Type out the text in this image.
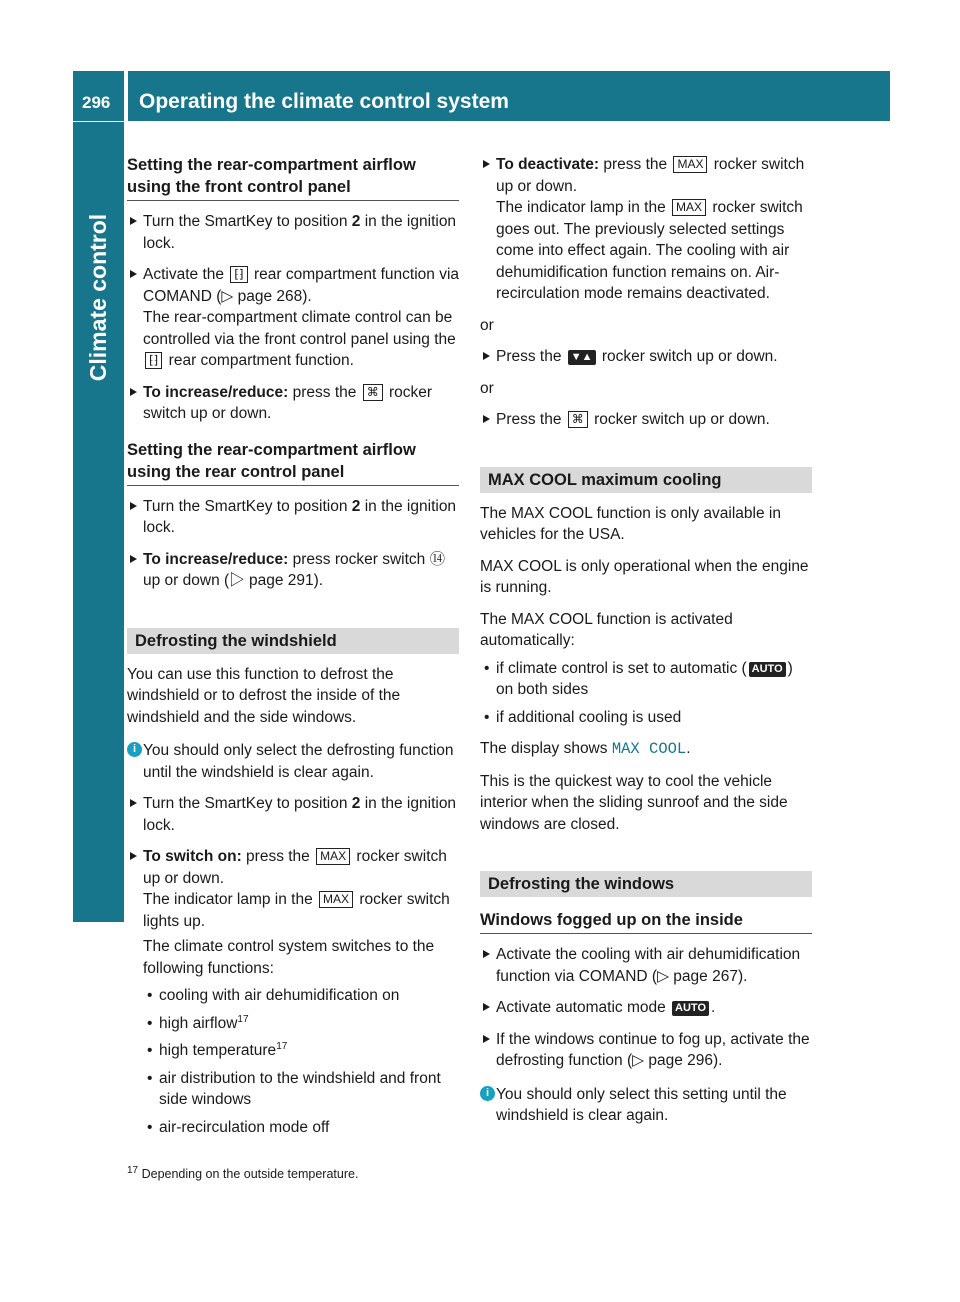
296 Operating the climate control system
Climate control
Setting the rear-compartment airflow using the front control panel
Turn the SmartKey to position 2 in the ignition lock.
Activate the ⁅⁆ rear compartment function via COMAND (▷ page 268).
The rear-compartment climate control can be controlled via the front control panel using the ⁅⁆ rear compartment function.
To increase/reduce: press the ⌘ rocker switch up or down.
Setting the rear-compartment airflow using the rear control panel
Turn the SmartKey to position 2 in the ignition lock.
To increase/reduce: press rocker switch ⑭ up or down (▷ page 291).
Defrosting the windshield

You can use this function to defrost the windshield or to defrost the inside of the windshield and the side windows.

i You should only select the defrosting function until the windshield is clear again.
Turn the SmartKey to position 2 in the ignition lock.
To switch on: press the MAX rocker switch up or down.
The indicator lamp in the MAX rocker switch lights up.
The climate control system switches to the following functions:
• cooling with air dehumidification on
• high airflow$^{17}$
• high temperature$^{17}$
• air distribution to the windshield and front side windows
• air-recirculation mode off
To deactivate: press the MAX rocker switch up or down.
The indicator lamp in the MAX rocker switch goes out. The previously selected settings come into effect again. The cooling with air dehumidification function remains on. Air-recirculation mode remains deactivated.

or

Press the ▼▲ rocker switch up or down.

or

Press the ⌘ rocker switch up or down.
MAX COOL maximum cooling

The MAX COOL function is only available in vehicles for the USA.

MAX COOL is only operational when the engine is running.

The MAX COOL function is activated automatically:

• if climate control is set to automatic ( AUTO ) on both sides
• if additional cooling is used

The display shows MAX COOL.

This is the quickest way to cool the vehicle interior when the sliding sunroof and the side windows are closed.

Defrosting the windows
Windows fogged up on the inside
Activate the cooling with air dehumidification function via COMAND (▷ page 267).
Activate automatic mode AUTO .
If the windows continue to fog up, activate the defrosting function (▷ page 296).
i You should only select this setting until the windshield is clear again.
$^{17}$ Depending on the outside temperature.
